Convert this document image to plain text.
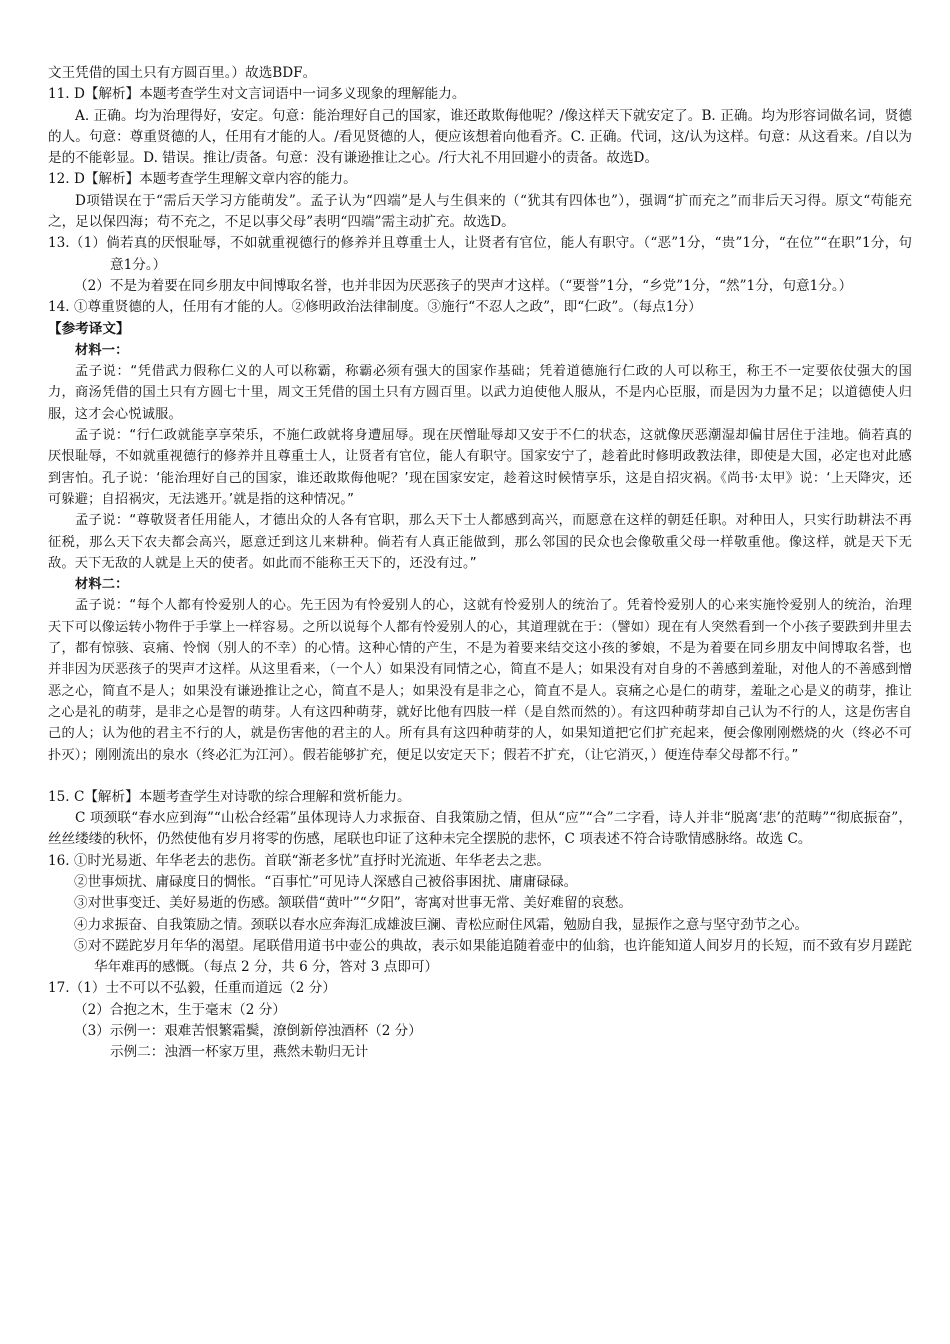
文王凭借的国土只有方圆百里。）故选BDF。

11. D【解析】本题考查学生对文言词语中一词多义现象的理解能力。

A. 正确。均为治理得好，安定。句意：能治理好自己的国家，谁还敢欺侮他呢？/像这样天下就安定了。B. 正确。均为形容词做名词，贤德的人。句意：尊重贤德的人，任用有才能的人。/看见贤德的人，便应该想着向他看齐。C. 正确。代词，这/认为这样。句意：从这看来。/自以为是的不能彰显。D. 错误。推让/责备。句意：没有谦逊推让之心。/行大礼不用回避小的责备。故选D。

12. D【解析】本题考查学生理解文章内容的能力。

D项错误在于“需后天学习方能萌发”。孟子认为“四端”是人与生俱来的（“犹其有四体也”），强调“扩而充之”而非后天习得。原文“苟能充之，足以保四海；苟不充之，不足以事父母”表明“四端”需主动扩充。故选D。

13.（1）倘若真的厌恨耻辱，不如就重视德行的修养并且尊重士人，让贤者有官位，能人有职守。（“恶”1分，“贵”1分，“在位”“在职”1分，句意1分。）

（2）不是为着要在同乡朋友中间博取名誉，也并非因为厌恶孩子的哭声才这样。（“要誉”1分，“乡党”1分，“然”1分，句意1分。）

14. ①尊重贤德的人，任用有才能的人。②修明政治法律制度。③施行“不忍人之政”，即“仁政”。（每点1分）

【参考译文】

材料一：

孟子说：“凭借武力假称仁义的人可以称霸，称霸必须有强大的国家作基础；凭着道德施行仁政的人可以称王，称王不一定要依仗强大的国力，商汤凭借的国土只有方圆七十里，周文王凭借的国土只有方圆百里。以武力迫使他人服从，不是内心臣服，而是因为力量不足；以道德使人归服，这才会心悦诚服。

孟子说：“行仁政就能享享荣乐，不施仁政就将身遭屈辱。现在厌憎耻辱却又安于不仁的状态，这就像厌恶潮湿却偏甘居住于洼地。倘若真的厌恨耻辱，不如就重视德行的修养并且尊重士人，让贤者有官位，能人有职守。国家安宁了，趁着此时修明政教法律，即使是大国，必定也对此感到害怕。孔子说：‘能治理好自己的国家，谁还敢欺侮他呢？’现在国家安定，趁着这时候情享乐，这是自招灾祸。《尚书·太甲》说：‘上天降灾，还可躲避；自招祸灾，无法逃开。’就是指的这种情况。”

孟子说：“尊敬贤者任用能人，才德出众的人各有官职，那么天下士人都感到高兴，而愿意在这样的朝廷任职。对种田人，只实行助耕法不再征税，那么天下农夫都会高兴，愿意迁到这儿来耕种。倘若有人真正能做到，那么邻国的民众也会像敬重父母一样敬重他。像这样，就是天下无敌。天下无敌的人就是上天的使者。如此而不能称王天下的，还没有过。”

材料二：

孟子说：“每个人都有怜爱别人的心。先王因为有怜爱别人的心，这就有怜爱别人的统治了。凭着怜爱别人的心来实施怜爱别人的统治，治理天下可以像运转小物件于手掌上一样容易。之所以说每个人都有怜爱别人的心，其道理就在于：（譬如）现在有人突然看到一个小孩子要跌到井里去了，都有惊骇、哀痛、怜悯（别人的不幸）的心情。这种心情的产生，不是为着要来结交这小孩的爹娘，不是为着要在同乡朋友中间博取名誉，也并非因为厌恶孩子的哭声才这样。从这里看来，（一个人）如果没有同情之心，简直不是人；如果没有对自身的不善感到羞耻，对他人的不善感到憎恶之心，简直不是人；如果没有谦逊推让之心，简直不是人；如果没有是非之心，简直不是人。哀痛之心是仁的萌芽，羞耻之心是义的萌芽，推让之心是礼的萌芽，是非之心是智的萌芽。人有这四种萌芽，就好比他有四肢一样（是自然而然的）。有这四种萌芽却自己认为不行的人，这是伤害自己的人；认为他的君主不行的人，就是伤害他的君主的人。所有具有这四种萌芽的人，如果知道把它们扩充起来，便会像刚刚燃烧的火（终必不可扑灭）；刚刚流出的泉水（终必汇为江河）。假若能够扩充，便足以安定天下；假若不扩充，（让它消灭，）便连侍奉父母都不行。”

15. C【解析】本题考查学生对诗歌的综合理解和赏析能力。

C 项颈联“春水应到海”“山松合经霜”虽体现诗人力求振奋、自我策励之情，但从“应”“合”二字看，诗人并非“脱离‘悲’的范畴”“彻底振奋”，丝丝缕缕的秋怀，仍然使他有岁月将零的伤感，尾联也印证了这种未完全摆脱的悲怀，C 项表述不符合诗歌情感脉络。故选 C。

16. ①时光易逝、年华老去的悲伤。首联“渐老多忧”直抒时光流逝、年华老去之悲。

②世事烦扰、庸碌度日的惆怅。“百事忙”可见诗人深感自己被俗事困扰、庸庸碌碌。

③对世事变迁、美好易逝的伤感。颔联借“黄叶”“夕阳”，寄寓对世事无常、美好难留的哀愁。

④力求振奋、自我策励之情。颈联以春水应奔海汇成雄波巨澜、青松应耐住风霜，勉励自我，显振作之意与坚守劲节之心。

⑤对不蹉跎岁月年华的渴望。尾联借用道书中壶公的典故，表示如果能追随着壶中的仙翁，也许能知道人间岁月的长短，而不致有岁月蹉跎华年难再的感慨。（每点 2 分，共 6 分，答对 3 点即可）

17.（1）士不可以不弘毅，任重而道远（2 分）

（2）合抱之木，生于毫末（2 分）

（3）示例一：艰难苦恨繁霜鬓，潦倒新停浊酒杯（2 分）

示例二：浊酒一杯家万里，燕然未勒归无计
